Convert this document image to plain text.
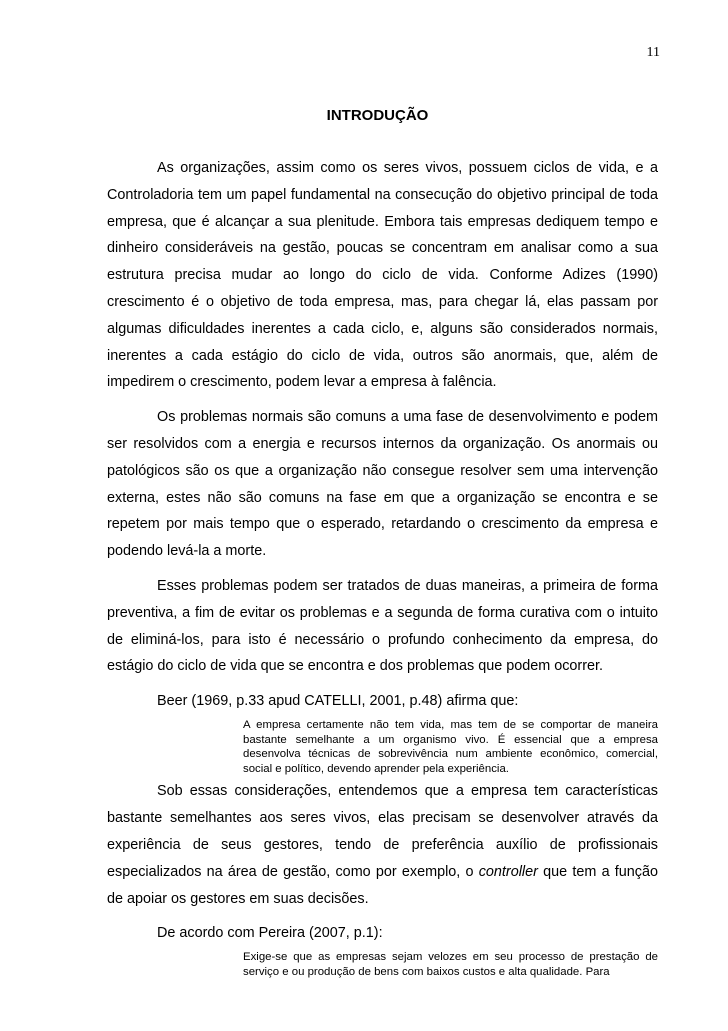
11
INTRODUÇÃO

As organizações, assim como os seres vivos, possuem ciclos de vida, e a Controladoria tem um papel fundamental na consecução do objetivo principal de toda empresa, que é alcançar a sua plenitude. Embora tais empresas dediquem tempo e dinheiro consideráveis na gestão, poucas se concentram em analisar como a sua estrutura precisa mudar ao longo do ciclo de vida. Conforme Adizes (1990) crescimento é o objetivo de toda empresa, mas, para chegar lá, elas passam por algumas dificuldades inerentes a cada ciclo, e, alguns são considerados normais, inerentes a cada estágio do ciclo de vida, outros são anormais, que, além de impedirem o crescimento, podem levar a empresa à falência.

Os problemas normais são comuns a uma fase de desenvolvimento e podem ser resolvidos com a energia e recursos internos da organização. Os anormais ou patológicos são os que a organização não consegue resolver sem uma intervenção externa, estes não são comuns na fase em que a organização se encontra e se repetem por mais tempo que o esperado, retardando o crescimento da empresa e podendo levá-la a morte.

Esses problemas podem ser tratados de duas maneiras, a primeira de forma preventiva, a fim de evitar os problemas e a segunda de forma curativa com o intuito de eliminá-los, para isto é necessário o profundo conhecimento da empresa, do estágio do ciclo de vida que se encontra e dos problemas que podem ocorrer.

Beer (1969, p.33 apud CATELLI, 2001, p.48) afirma que:

A empresa certamente não tem vida, mas tem de se comportar de maneira bastante semelhante a um organismo vivo. É essencial que a empresa desenvolva técnicas de sobrevivência num ambiente econômico, comercial, social e político, devendo aprender pela experiência.

Sob essas considerações, entendemos que a empresa tem características bastante semelhantes aos seres vivos, elas precisam se desenvolver através da experiência de seus gestores, tendo de preferência auxílio de profissionais especializados na área de gestão, como por exemplo, o controller que tem a função de apoiar os gestores em suas decisões.

De acordo com Pereira (2007, p.1):

Exige-se que as empresas sejam velozes em seu processo de prestação de serviço e ou produção de bens com baixos custos e alta qualidade. Para
